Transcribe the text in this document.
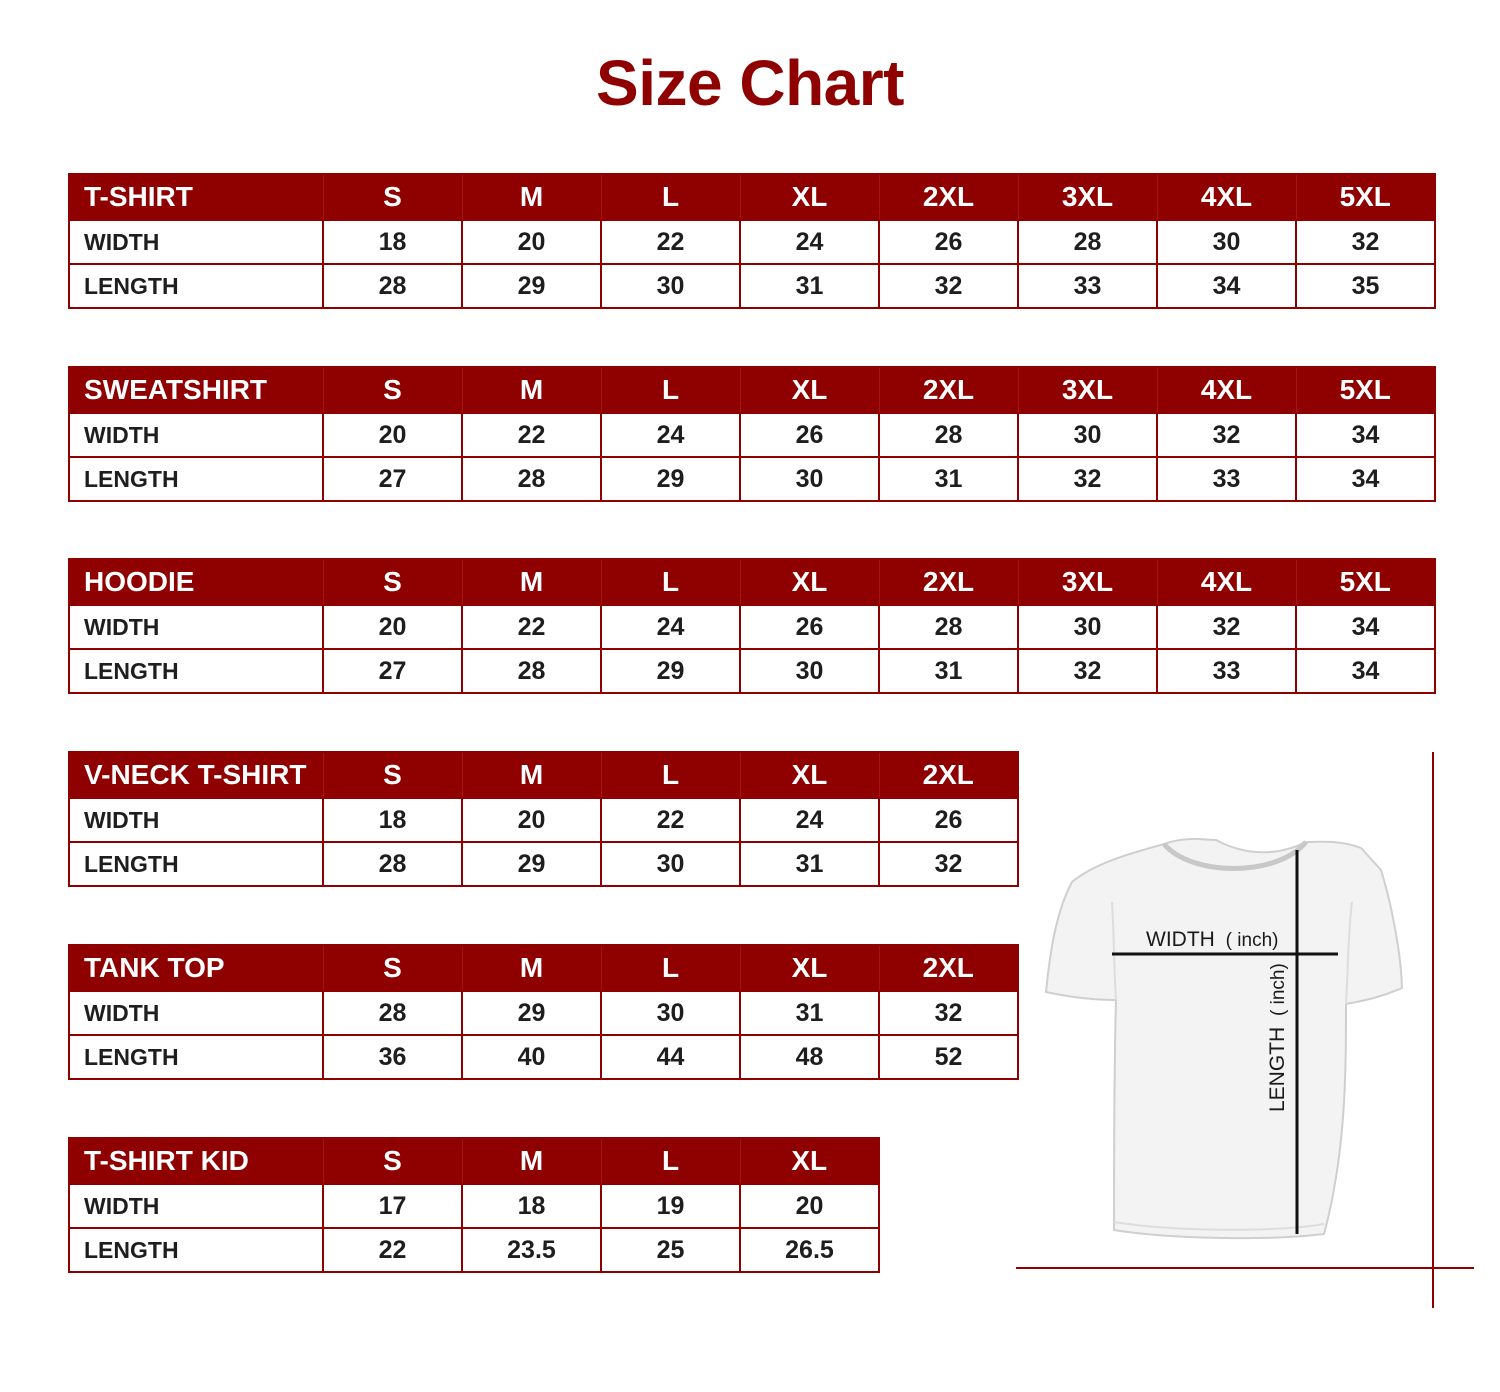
Size Chart
T-SHIRT	S	M	L	XL	2XL	3XL	4XL	5XL
WIDTH	18	20	22	24	26	28	30	32
LENGTH	28	29	30	31	32	33	34	35
SWEATSHIRT	S	M	L	XL	2XL	3XL	4XL	5XL
WIDTH	20	22	24	26	28	30	32	34
LENGTH	27	28	29	30	31	32	33	34
HOODIE	S	M	L	XL	2XL	3XL	4XL	5XL
WIDTH	20	22	24	26	28	30	32	34
LENGTH	27	28	29	30	31	32	33	34
V-NECK T-SHIRT	S	M	L	XL	2XL
WIDTH	18	20	22	24	26
LENGTH	28	29	30	31	32
TANK TOP	S	M	L	XL	2XL
WIDTH	28	29	30	31	32
LENGTH	36	40	44	48	52
T-SHIRT KID	S	M	L	XL
WIDTH	17	18	19	20
LENGTH	22	23.5	25	26.5
WIDTH ( inch)
LENGTH ( inch)
